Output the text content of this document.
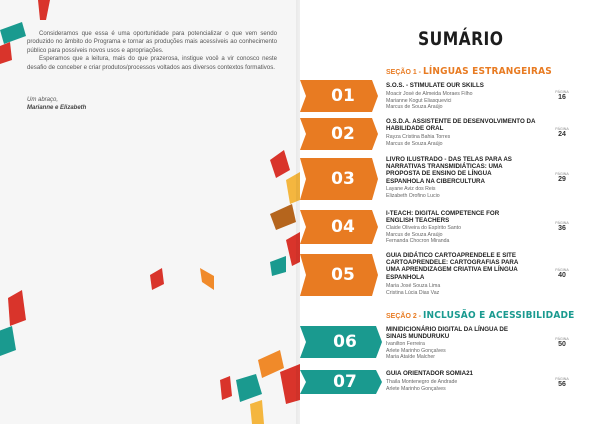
Consideramos que essa é uma oportunidade para potencializar o que vem sendo produzido no âmbito do Programa e tornar as produções mais acessíveis ao conhecimento público para possíveis novos usos e apropriações.

Esperamos que a leitura, mais do que prazerosa, instigue você a vir conosco neste desafio de conceber e criar produtos/processos voltados aos diversos contextos formativos.

Um abraço,
Marianne e Elizabeth
SUMÁRIO
SEÇÃO 1 - LÍNGUAS ESTRANGEIRAS
01
S.O.S. - STIMULATE OUR SKILLS
Moacir José de Almeida Moraes Filho
Marianne Kogut Eliasquevici
Marcus de Souza Araújo
PÁGINA
16
02
O.S.D.A. ASSISTENTE DE DESENVOLVIMENTO DA HABILIDADE ORAL
Rayza Cristina Bahia Torres
Marcus de Souza Araújo
PÁGINA
24
03
LIVRO ILUSTRADO - DAS TELAS PARA AS NARRATIVAS TRANSMIDIÁTICAS: UMA PROPOSTA DE ENSINO DE LÍNGUA ESPANHOLA NA CIBERCULTURA
Layane Aviz dos Reis
Elizabeth Orofino Lucio
PÁGINA
29
04
I-TEACH: DIGITAL COMPETENCE FOR ENGLISH TEACHERS
Claide Oliveira do Espírito Santo
Marcus de Souza Araújo
Fernanda Chocron Miranda
PÁGINA
36
05
GUIA DIDÁTICO CARTOAPRENDELE E SITE CARTOAPRENDELE: CARTOGRAFIAS PARA UMA APRENDIZAGEM CRIATIVA EM LÍNGUA ESPANHOLA
Maria José Souza Lima
Cristina Lúcia Dias Vaz
PÁGINA
40
SEÇÃO 2 - INCLUSÃO E ACESSIBILIDADE
06
MINIDICIONÁRIO DIGITAL DA LÍNGUA DE SINAIS MUNDURUKU
Ivanilton Ferreira
Arlete Marinho Gonçalves
Maria Ataíde Malcher
PÁGINA
50
07	GUIA ORIENTADOR SOMIA21
Thaila Montenegro de Andrade
Arlete Marinho Gonçalves
PÁGINA
56
